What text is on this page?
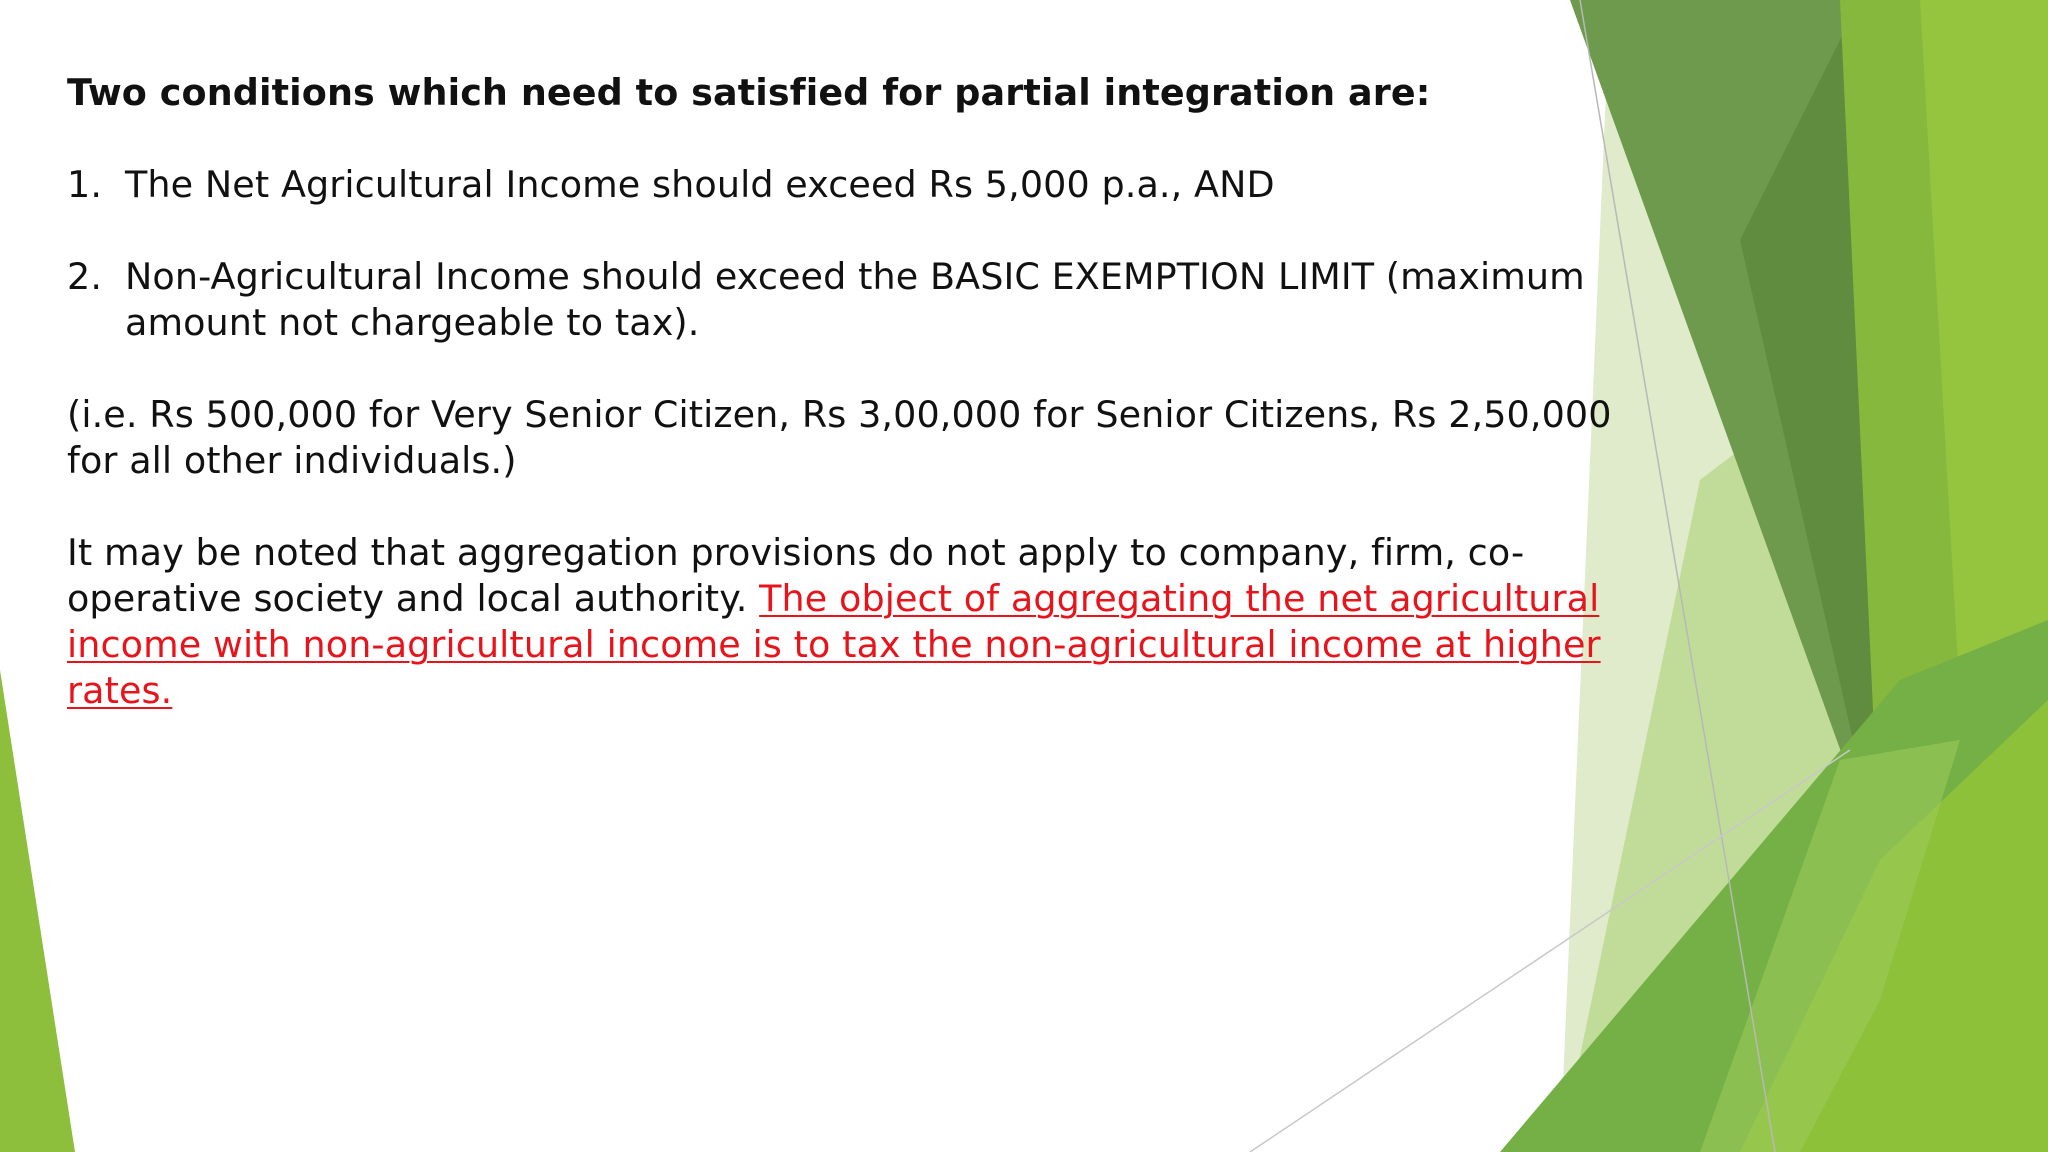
Two conditions which need to satisfied for partial integration are:

1. The Net Agricultural Income should exceed Rs 5,000 p.a., AND
2. Non-Agricultural Income should exceed the BASIC EXEMPTION LIMIT (maximum amount not chargeable to tax).

(i.e. Rs 500,000 for Very Senior Citizen, Rs 3,00,000 for Senior Citizens, Rs 2,50,000 for all other individuals.)

It may be noted that aggregation provisions do not apply to company, firm, co-operative society and local authority. The object of aggregating the net agricultural income with non-agricultural income is to tax the non-agricultural income at higher rates.
